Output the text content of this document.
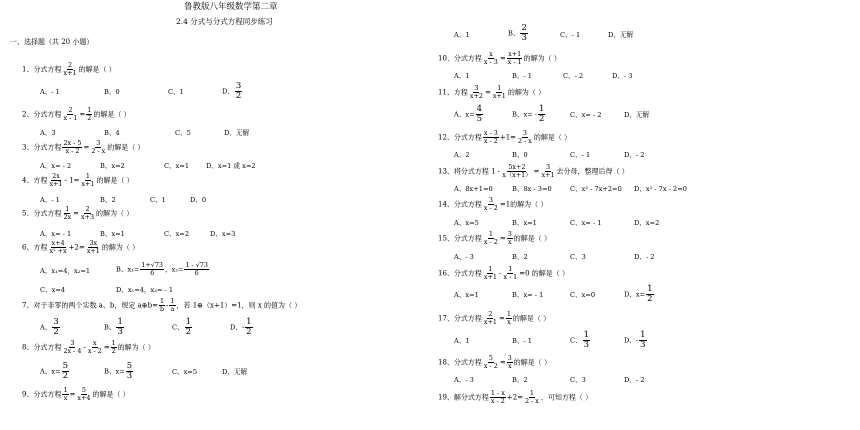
鲁教版八年级数学第二章
2.4 分式与分式方程同步练习
一、选择题（共 20 小题）
1、分式方程 $\frac{2}{x+1}$ 的解是（ ）
A、- 1	B、0	C、1	D、 $\frac{3}{2}$
2、分式方程 $\frac{2}{x - 1} = \frac{1}{2}$ 的解是（ ）
A、3	B、4	C、5	D、无解
3、分式方程 $\frac{2x - 5}{x - 2} = \frac{3}{2 - x}$ 的解是（ ）
A、x= - 2	B、x=2	C、x=1	D、x=1 或 x=2
4、方程 $\frac{2x}{x+1} - 1= \frac{1}{x+1}$ 的解是（ ）
A、- 1	B、2	C、1	D、0
5、分式方程 $\frac{1}{2x} = \frac{2}{x+3}$ 的解为（ ）
A、x= - 1	B、x=1	C、x=2	D、x=3
6、方程 $\frac{x+4}{\text{x² +x}} +2= \frac{3x}{x+1}$ 的解为（ ）
A、x₁=4，x₂=1	B、$x_1= \frac{1+√73}{6}$ ，$x_2= \frac{1 - √73}{6}$
C、x=4	D、x₁=4，x₂= - 1
7、对于非零的两个实数 a、b，规定 a⊕b= $\frac{1}{b} - \frac{1}{a}$ ，若 1⊕（x+1）=1，则 x 的值为（ ）
A、 $\frac{3}{2}$	B、 $\frac{1}{3}$	C、 $\frac{1}{2}$	D、- $\frac{1}{2}$
8、分式方程 $\frac{3}{2x - 4} - \frac{x}{x - 2} = \frac{1}{2}$ 的解为（ ）
A、$x= \frac{5}{2}$	B、$x= \frac{5}{3}$	C、x=5	D、无解
9、分式方程 $\frac{1}{x} = \frac{5}{x+4}$ 的解是（ ）
A、1	B、 $\frac{2}{3}$	C、- 1	D、无解
10、分式方程 $\frac{x}{x - 3} = \frac{x+1}{x - 1}$ 的解为（ ）
A、1	B、- 1	C、- 2	D、- 3
11、方程 $\frac{3}{x+2} = \frac{1}{x+1}$ 的解为（ ）
A、$x= \frac{4}{5}$	B、$x= - \frac{1}{2}$	C、x= - 2	D、无解
12、分式方程 $\frac{x - 3}{x - 2} +1= \frac{3}{2 - x}$ 的解是（ ）
A、2	B、0	C、- 1	D、- 2
13、将分式方程 $1 - \frac{5x+2}{x(x+1)} = \frac{3}{x+1}$ 去分母，整理后得（ ）
A、8x+1=0	B、8x - 3=0	C、x² - 7x+2=0 D、x² - 7x - 2=0
14、分式方程 $\frac{3}{x - 2} =1$的解为（ ）
A、x=5	B、x=1	C、x= - 1	D、x=2
15、分式方程 $\frac{1}{x - 2} = \frac{3}{x}$ 的解是（ ）
A、- 3	B、2	C、3	D、- 2
16、分式方程 $\frac{1}{x+1} - \frac{1}{x - 1} =0$ 的解是（ ）
A、x=1	B、x= - 1	C、x=0	D、$x= \frac{1}{2}$
17、分式方程 $\frac{2}{x+1} = \frac{1}{x}$ 的解是（ ）
A、1	B、- 1	C、 $\frac{1}{3}$	D、- $\frac{1}{3}$
18、分式方程 $\frac{5}{x - 2} = \frac{3}{x}$ 的解是（ ）
A、- 3	B、2	C、3	D、- 2
19、解分式方程 $\frac{1 - x}{x - 2} +2= \frac{1}{2 - x}$ ，可知方程（ ）
